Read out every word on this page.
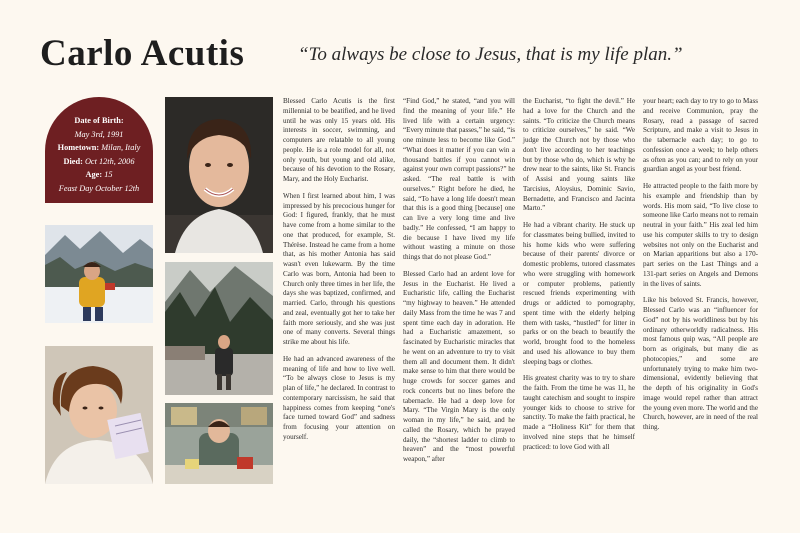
Carlo Acutis	“To always be close to Jesus, that is my life plan.”
Date of Birth:
May 3rd, 1991
Hometown: Milan, Italy
Died: Oct 12th, 2006
Age: 15
Feast Day October 12th

Blessed Carlo Acutis is the first millennial to be beatified, and he lived until he was only 15 years old. His interests in soccer, swimming, and computers are relatable to all young people. He is a role model for all, not only youth, but young and old alike, because of his devotion to the Rosary, Mary, and the Holy Eucharist.

When I first learned about him, I was impressed by his precocious hunger for God: I figured, frankly, that he must have come from a home similar to the one that produced, for example, St. Thérèse. Instead he came from a home that, as his mother Antonia has said wasn't even lukewarm. By the time Carlo was born, Antonia had been to Church only three times in her life, the days she was baptized, confirmed, and married. Carlo, through his questions and zeal, eventually got her to take her faith more seriously, and she was just one of many converts. Several things strike me about his life.

He had an advanced awareness of the meaning of life and how to live well. “To be always close to Jesus is my plan of life,” he declared. In contrast to contemporary narcissism, he said that happiness comes from keeping “one's face turned toward God” and sadness from focusing your attention on yourself.

“Find God,” he stated, “and you will find the meaning of your life.” He lived life with a certain urgency: “Every minute that passes,” he said, “is one minute less to become like God.” “What does it matter if you can win a thousand battles if you cannot win against your own corrupt passions?” he asked. “The real battle is with ourselves.” Right before he died, he said, “To have a long life doesn't mean that this is a good thing [because] one can live a very long time and live badly.” He confessed, “I am happy to die because I have lived my life without wasting a minute on those things that do not please God.”

Blessed Carlo had an ardent love for Jesus in the Eucharist. He lived a Eucharistic life, calling the Eucharist “my highway to heaven.” He attended daily Mass from the time he was 7 and spent time each day in adoration. He had a Eucharistic amazement, so fascinated by Eucharistic miracles that he went on an adventure to try to visit them all and document them. It didn't make sense to him that there would be huge crowds for soccer games and rock concerts but no lines before the tabernacle. He had a deep love for Mary. “The Virgin Mary is the only woman in my life,” he said, and he called the Rosary, which he prayed daily, the “shortest ladder to climb to heaven” and the “most powerful weapon,” after

the Eucharist, “to fight the devil.” He had a love for the Church and the saints. “To criticize the Church means to criticize ourselves,” he said. “We judge the Church not by those who don't live according to her teachings but by those who do, which is why he drew near to the saints, like St. Francis of Assisi and young saints like Tarcisius, Aloysius, Dominic Savio, Bernadette, and Francisco and Jacinta Marto.”

He had a vibrant charity. He stuck up for classmates being bullied, invited to his home kids who were suffering because of their parents' divorce or domestic problems, tutored classmates who were struggling with homework or computer problems, patiently rescued friends experimenting with drugs or addicted to pornography, spent time with the elderly helping them with tasks, “hustled” for litter in parks or on the beach to beautify the world, brought food to the homeless and used his allowance to buy them sleeping bags or clothes.

His greatest charity was to try to share the faith. From the time he was 11, he taught catechism and sought to inspire younger kids to choose to strive for sanctity. To make the faith practical, he made a “Holiness Kit” for them that involved nine steps that he himself practiced: to love God with all

your heart; each day to try to go to Mass and receive Communion, pray the Rosary, read a passage of sacred Scripture, and make a visit to Jesus in the tabernacle each day; to go to confession once a week; to help others as often as you can; and to rely on your guardian angel as your best friend.

He attracted people to the faith more by his example and friendship than by words. His mom said, “To live close to someone like Carlo means not to remain neutral in your faith.” His zeal led him use his computer skills to try to design websites not only on the Eucharist and on Marian apparitions but also a 170-part series on the Last Things and a 131-part series on Angels and Demons in the lives of saints.

Like his beloved St. Francis, however, Blessed Carlo was an “influencer for God” not by his worldliness but by his ordinary otherworldly radicalness. His most famous quip was, “All people are born as originals, but many die as photocopies,” and some are unfortunately trying to make him two-dimensional, evidently believing that the depth of his originality in God's image would repel rather than attract the young even more. The world and the Church, however, are in need of the real thing.
